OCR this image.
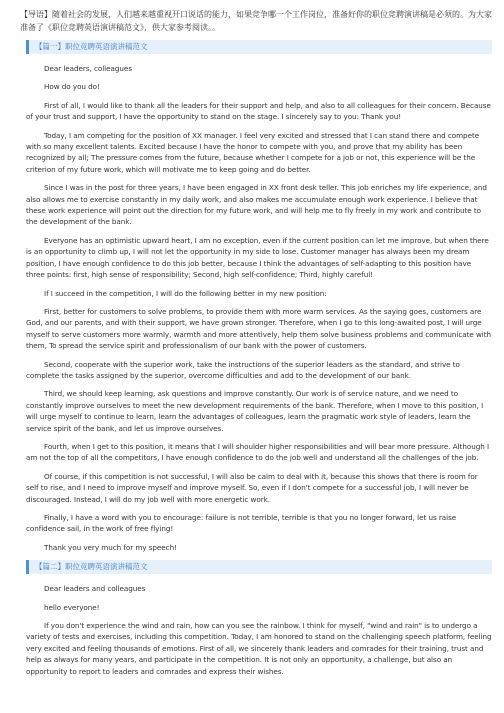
【导语】随着社会的发展，人们越来越重视开口说话的能力，如果竞争哪一个工作岗位，准备好你的职位竞聘演讲稿是必须的。为大家准备了《职位竞聘英语演讲稿范文》，供大家参考阅读。。
【篇一】职位竞聘英语演讲稿范文

Dear leaders, colleagues

How do you do!

First of all, I would like to thank all the leaders for their support and help, and also to all colleagues for their concern. Because of your trust and support, I have the opportunity to stand on the stage. I sincerely say to you: Thank you!

Today, I am competing for the position of XX manager. I feel very excited and stressed that I can stand there and compete with so many excellent talents. Excited because I have the honor to compete with you, and prove that my ability has been recognized by all; The pressure comes from the future, because whether I compete for a job or not, this experience will be the criterion of my future work, which will motivate me to keep going and do better.

Since I was in the post for three years, I have been engaged in XX front desk teller. This job enriches my life experience, and also allows me to exercise constantly in my daily work, and also makes me accumulate enough work experience. I believe that these work experience will point out the direction for my future work, and will help me to fly freely in my work and contribute to the development of the bank.

Everyone has an optimistic upward heart, I am no exception, even if the current position can let me improve, but when there is an opportunity to climb up, I will not let the opportunity in my side to lose. Customer manager has always been my dream position, I have enough confidence to do this job better, because I think the advantages of self-adapting to this position have three points: first, high sense of responsibility; Second, high self-confidence; Third, highly careful!

If I succeed in the competition, I will do the following better in my new position:

First, better for customers to solve problems, to provide them with more warm services. As the saying goes, customers are God, and our parents, and with their support, we have grown stronger. Therefore, when I go to this long-awaited post, I will urge myself to serve customers more warmly, warmth and more attentively, help them solve business problems and communicate with them, To spread the service spirit and professionalism of our bank with the power of customers.

Second, cooperate with the superior work, take the instructions of the superior leaders as the standard, and strive to complete the tasks assigned by the superior, overcome difficulties and add to the development of our bank.

Third, we should keep learning, ask questions and improve constantly. Our work is of service nature, and we need to constantly improve ourselves to meet the new development requirements of the bank. Therefore, when I move to this position, I will urge myself to continue to learn, learn the advantages of colleagues, learn the pragmatic work style of leaders, learn the service spirit of the bank, and let us improve ourselves.

Fourth, when I get to this position, it means that I will shoulder higher responsibilities and will bear more pressure. Although I am not the top of all the competitors, I have enough confidence to do the job well and understand all the challenges of the job.

Of course, if this competition is not successful, I will also be calm to deal with it, because this shows that there is room for self to rise, and I need to improve myself and improve myself. So, even if I don't compete for a successful job, I will never be discouraged. Instead, I will do my job well with more energetic work.

Finally, I have a word with you to encourage: failure is not terrible, terrible is that you no longer forward, let us raise confidence sail, in the work of free flying!

Thank you very much for my speech!

【篇二】职位竞聘英语演讲稿范文

Dear leaders and colleagues

hello everyone!

If you don't experience the wind and rain, how can you see the rainbow. I think for myself, "wind and rain" is to undergo a variety of tests and exercises, including this competition. Today, I am honored to stand on the challenging speech platform, feeling very excited and feeling thousands of emotions. First of all, we sincerely thank leaders and comrades for their training, trust and help as always for many years, and participate in the competition. It is not only an opportunity, a challenge, but also an opportunity to report to leaders and comrades and express their wishes.
